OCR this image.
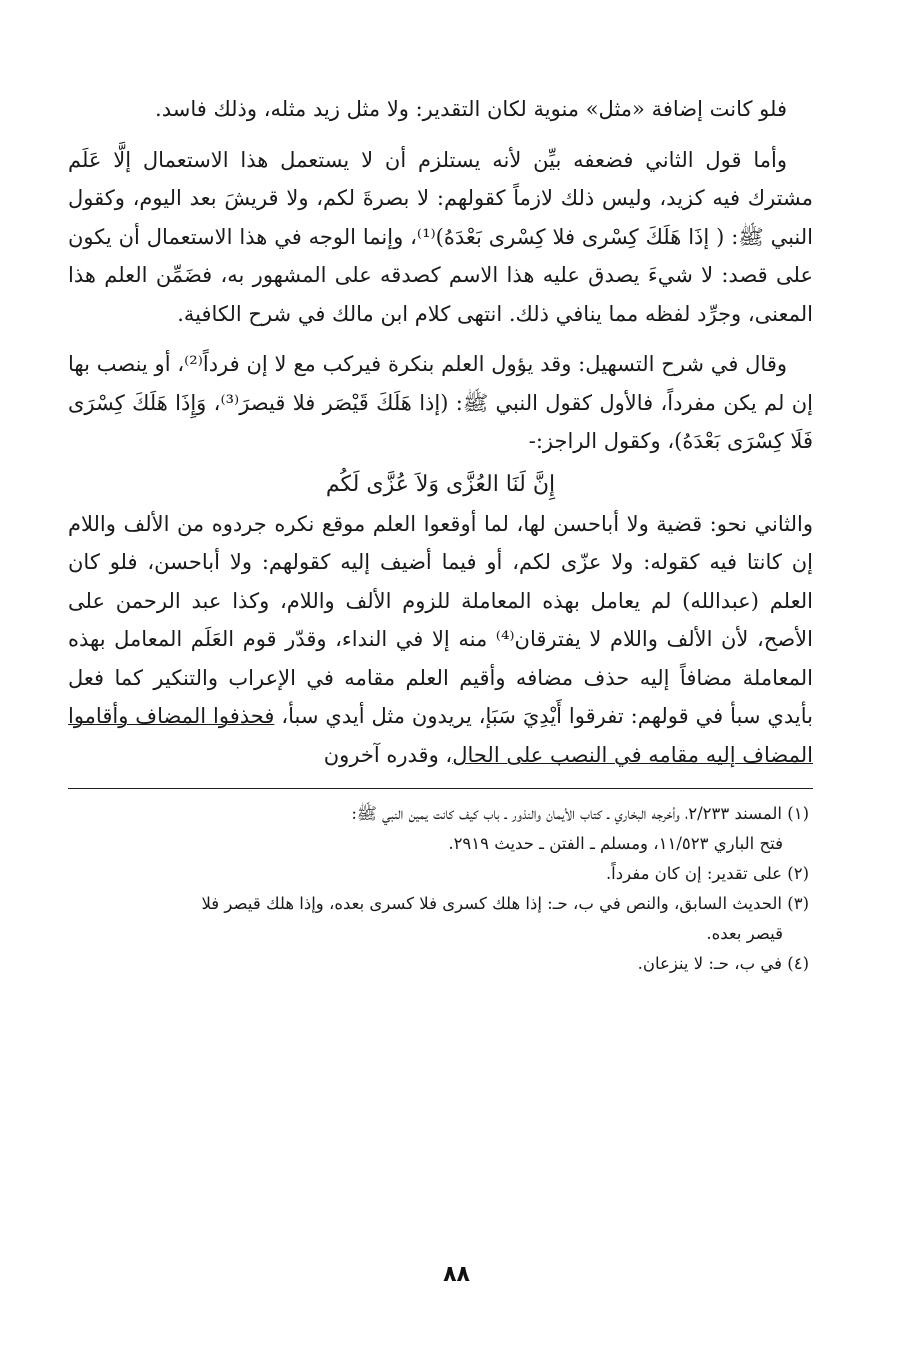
فلو كانت إضافة «مثل» منوية لكان التقدير: ولا مثل زيد مثله، وذلك فاسد.

وأما قول الثاني فضعفه بيِّن لأنه يستلزم أن لا يستعمل هذا الاستعمال إلَّا عَلَم مشترك فيه كزيد، وليس ذلك لازماً كقولهم: لا بصرةَ لكم، ولا قريشَ بعد اليوم، وكقول النبي ﷺ: ( إذَا هَلَكَ كِسْرى فلا كِسْرى بَعْدَهُ)⁽¹⁾، وإنما الوجه في هذا الاستعمال أن يكون على قصد: لا شيءَ يصدق عليه هذا الاسم كصدقه على المشهور به، فضَمِّن العلم هذا المعنى، وجرِّد لفظه مما ينافي ذلك. انتهى كلام ابن مالك في شرح الكافية.

وقال في شرح التسهيل: وقد يؤول العلم بنكرة فيركب مع لا إن فرداً⁽²⁾، أو ينصب بها إن لم يكن مفرداً، فالأول كقول النبي ﷺ: (إذا هَلَكَ قَيْصَر فلا قيصرَ⁽³⁾، وَإِذَا هَلَكَ كِسْرَى فَلَا كِسْرَى بَعْدَهُ)، وكقول الراجز:-

إِنَّ لَنَا العُزَّى وَلاَ عُزَّى لَكُم

والثاني نحو: قضية ولا أباحسن لها، لما أوقعوا العلم موقع نكره جردوه من الألف واللام إن كانتا فيه كقوله: ولا عزّى لكم، أو فيما أضيف إليه كقولهم: ولا أباحسن، فلو كان العلم (عبدالله) لم يعامل بهذه المعاملة للزوم الألف واللام، وكذا عبد الرحمن على الأصح، لأن الألف واللام لا يفترقان⁽⁴⁾ منه إلا في النداء، وقدّر قوم العَلَم المعامل بهذه المعاملة مضافاً إليه حذف مضافه وأقيم العلم مقامه في الإعراب والتنكير كما فعل بأيدي سبأ في قولهم: تفرقوا أَيْدِيَ سَبَإ، يريدون مثل أيدي سبأ، فحذفوا المضاف وأقاموا المضاف إليه مقامه في النصب على الحال، وقدره آخرون

(١) المسند ٢/٢٣٣، وأخرجه البخاري ـ كتاب الأيمان والنذور ـ باب كيف كانت يمين النبي ﷺ:
فتح الباري ١١/٥٢٣، ومسلم ـ الفتن ـ حديث ٢٩١٩.

(٢) على تقدير: إن كان مفرداً.

(٣) الحديث السابق، والنص في ب، حـ: إذا هلك كسرى فلا كسرى بعده، وإذا هلك قيصر فلا
قيصر بعده.

(٤) في ب، حـ: لا ينزعان.

٨٨
